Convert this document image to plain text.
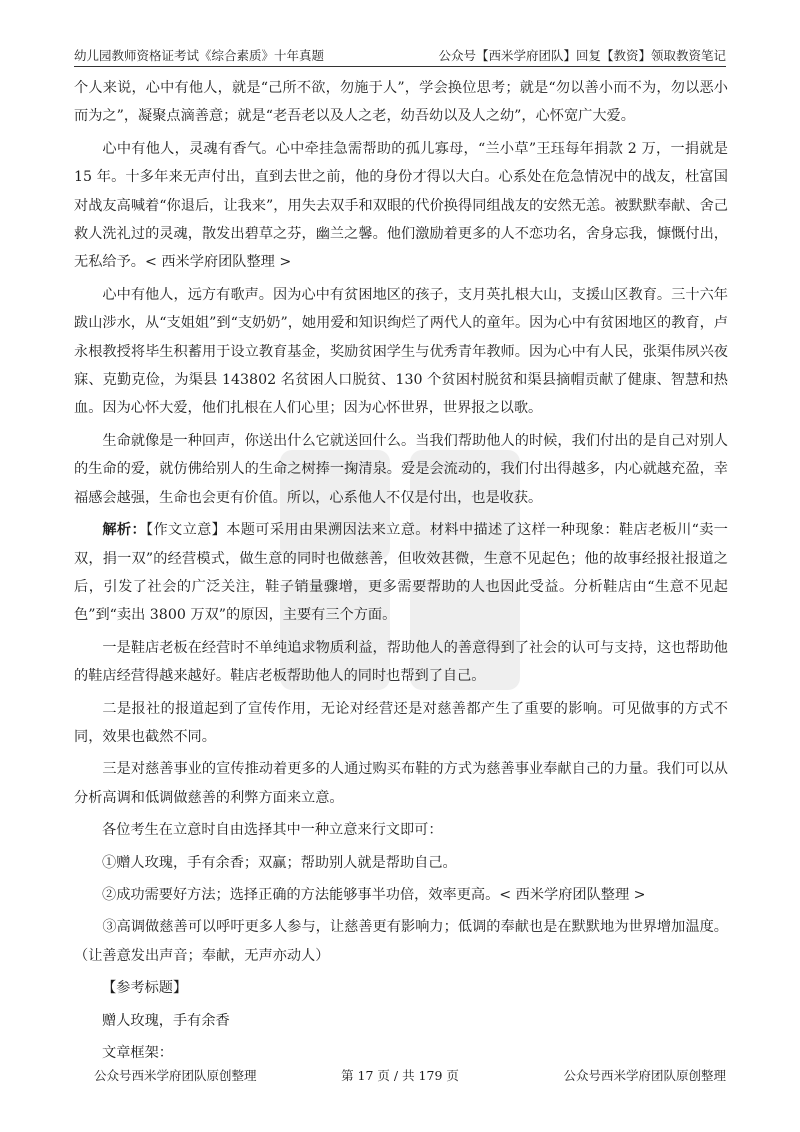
幼儿园教师资格证考试《综合素质》十年真题	公众号【西米学府团队】回复【教资】领取教资笔记

个人来说，心中有他人，就是“己所不欲，勿施于人”，学会换位思考；就是“勿以善小而不为，勿以恶小而为之”，凝聚点滴善意；就是“老吾老以及人之老，幼吾幼以及人之幼”，心怀宽广大爱。

心中有他人，灵魂有香气。心中牵挂急需帮助的孤儿寡母，“兰小草”王珏每年捐款 2 万，一捐就是 15 年。十多年来无声付出，直到去世之前，他的身份才得以大白。心系处在危急情况中的战友，杜富国对战友高喊着“你退后，让我来”，用失去双手和双眼的代价换得同组战友的安然无恙。被默默奉献、舍己救人洗礼过的灵魂，散发出碧草之芬，幽兰之馨。他们激励着更多的人不恋功名，舍身忘我，慷慨付出，无私给予。< 西米学府团队整理 >

心中有他人，远方有歌声。因为心中有贫困地区的孩子，支月英扎根大山，支援山区教育。三十六年跋山涉水，从“支姐姐”到“支奶奶”，她用爱和知识绚烂了两代人的童年。因为心中有贫困地区的教育，卢永根教授将毕生积蓄用于设立教育基金，奖励贫困学生与优秀青年教师。因为心中有人民，张渠伟夙兴夜寐、克勤克俭，为渠县 143802 名贫困人口脱贫、130 个贫困村脱贫和渠县摘帽贡献了健康、智慧和热血。因为心怀大爱，他们扎根在人们心里；因为心怀世界，世界报之以歌。

生命就像是一种回声，你送出什么它就送回什么。当我们帮助他人的时候，我们付出的是自己对别人的生命的爱，就仿佛给别人的生命之树捧一掬清泉。爱是会流动的，我们付出得越多，内心就越充盈，幸福感会越强，生命也会更有价值。所以，心系他人不仅是付出，也是收获。

解析：【作文立意】本题可采用由果溯因法来立意。材料中描述了这样一种现象：鞋店老板川“卖一双，捐一双”的经营模式，做生意的同时也做慈善，但收效甚微，生意不见起色；他的故事经报社报道之后，引发了社会的广泛关注，鞋子销量骤增，更多需要帮助的人也因此受益。分析鞋店由“生意不见起色”到“卖出 3800 万双”的原因，主要有三个方面。

一是鞋店老板在经营时不单纯追求物质利益，帮助他人的善意得到了社会的认可与支持，这也帮助他的鞋店经营得越来越好。鞋店老板帮助他人的同时也帮到了自己。

二是报社的报道起到了宣传作用，无论对经营还是对慈善都产生了重要的影响。可见做事的方式不同，效果也截然不同。

三是对慈善事业的宣传推动着更多的人通过购买布鞋的方式为慈善事业奉献自己的力量。我们可以从分析高调和低调做慈善的利弊方面来立意。

各位考生在立意时自由选择其中一种立意来行文即可：

①赠人玫瑰，手有余香；双赢；帮助别人就是帮助自己。

②成功需要好方法；选择正确的方法能够事半功倍，效率更高。< 西米学府团队整理 >

③高调做慈善可以呼吁更多人参与，让慈善更有影响力；低调的奉献也是在默默地为世界增加温度。（让善意发出声音；奉献，无声亦动人）

【参考标题】

赠人玫瑰，手有余香

文章框架：

公众号西米学府团队原创整理	第 17 页 / 共 179 页	公众号西米学府团队原创整理
